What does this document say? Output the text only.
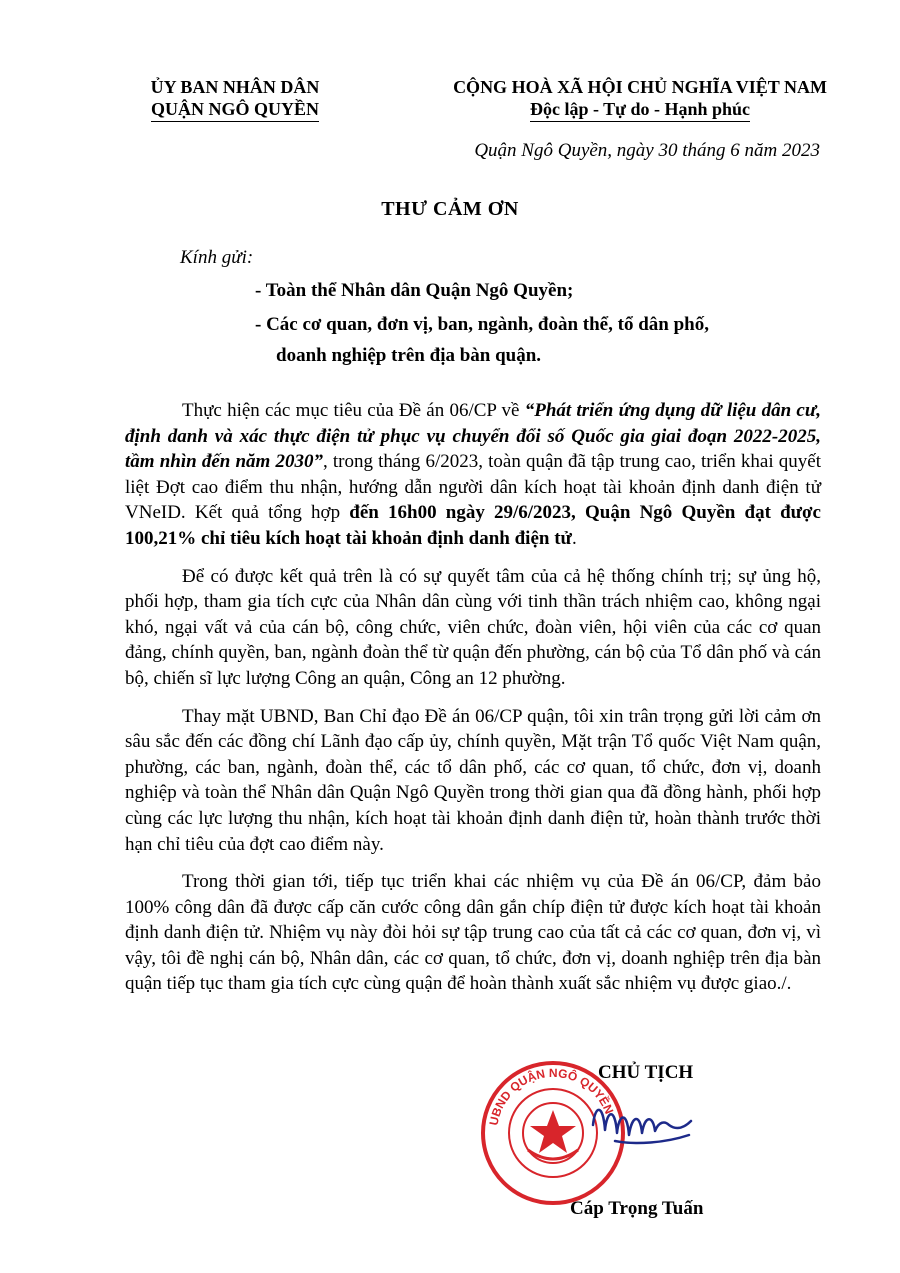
ỦY BAN NHÂN DÂN
QUẬN NGÔ QUYỀN
CỘNG HOÀ XÃ HỘI CHỦ NGHĨA VIỆT NAM
Độc lập - Tự do - Hạnh phúc
Quận Ngô Quyền, ngày 30 tháng 6 năm 2023
THƯ CẢM ƠN
Kính gửi:
- Toàn thể Nhân dân Quận Ngô Quyền;
- Các cơ quan, đơn vị, ban, ngành, đoàn thể, tổ dân phố,
doanh nghiệp trên địa bàn quận.

Thực hiện các mục tiêu của Đề án 06/CP về “Phát triển ứng dụng dữ liệu dân cư, định danh và xác thực điện tử phục vụ chuyển đổi số Quốc gia giai đoạn 2022-2025, tầm nhìn đến năm 2030”, trong tháng 6/2023, toàn quận đã tập trung cao, triển khai quyết liệt Đợt cao điểm thu nhận, hướng dẫn người dân kích hoạt tài khoản định danh điện tử VNeID. Kết quả tổng hợp đến 16h00 ngày 29/6/2023, Quận Ngô Quyền đạt được 100,21% chỉ tiêu kích hoạt tài khoản định danh điện tử.

Để có được kết quả trên là có sự quyết tâm của cả hệ thống chính trị; sự ủng hộ, phối hợp, tham gia tích cực của Nhân dân cùng với tinh thần trách nhiệm cao, không ngại khó, ngại vất vả của cán bộ, công chức, viên chức, đoàn viên, hội viên của các cơ quan đảng, chính quyền, ban, ngành đoàn thể từ quận đến phường, cán bộ của Tổ dân phố và cán bộ, chiến sĩ lực lượng Công an quận, Công an 12 phường.

Thay mặt UBND, Ban Chỉ đạo Đề án 06/CP quận, tôi xin trân trọng gửi lời cảm ơn sâu sắc đến các đồng chí Lãnh đạo cấp ủy, chính quyền, Mặt trận Tổ quốc Việt Nam quận, phường, các ban, ngành, đoàn thể, các tổ dân phố, các cơ quan, tổ chức, đơn vị, doanh nghiệp và toàn thể Nhân dân Quận Ngô Quyền trong thời gian qua đã đồng hành, phối hợp cùng các lực lượng thu nhận, kích hoạt tài khoản định danh điện tử, hoàn thành trước thời hạn chỉ tiêu của đợt cao điểm này.

Trong thời gian tới, tiếp tục triển khai các nhiệm vụ của Đề án 06/CP, đảm bảo 100% công dân đã được cấp căn cước công dân gắn chíp điện tử được kích hoạt tài khoản định danh điện tử. Nhiệm vụ này đòi hỏi sự tập trung cao của tất cả các cơ quan, đơn vị, vì vậy, tôi đề nghị cán bộ, Nhân dân, các cơ quan, tổ chức, đơn vị, doanh nghiệp trên địa bàn quận tiếp tục tham gia tích cực cùng quận để hoàn thành xuất sắc nhiệm vụ được giao./.

UBND QUẬN NGÔ QUYỀN
CHỦ TỊCH
Cáp Trọng Tuấn
